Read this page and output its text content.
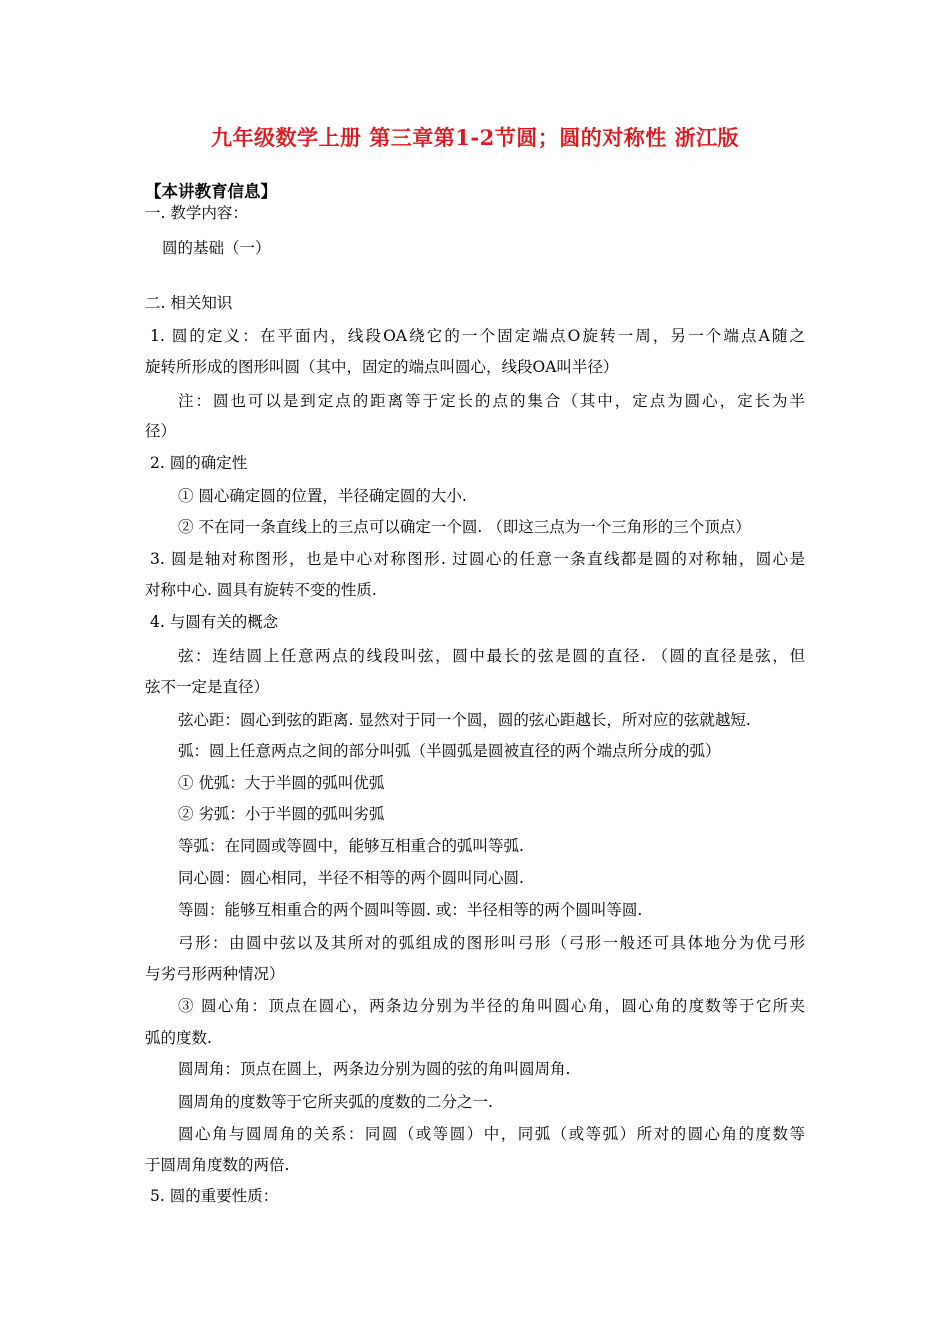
九年级数学上册 第三章第1-2节圆；圆的对称性 浙江版
【本讲教育信息】
一. 教学内容：
圆的基础（一）
二. 相关知识
1. 圆的定义：在平面内，线段OA绕它的一个固定端点O旋转一周，另一个端点A随之
旋转所形成的图形叫圆（其中，固定的端点叫圆心，线段OA叫半径）
注：圆也可以是到定点的距离等于定长的点的集合（其中，定点为圆心，定长为半
径）
2. 圆的确定性
① 圆心确定圆的位置，半径确定圆的大小.
② 不在同一条直线上的三点可以确定一个圆. （即这三点为一个三角形的三个顶点）
3. 圆是轴对称图形，也是中心对称图形. 过圆心的任意一条直线都是圆的对称轴，圆心是
对称中心. 圆具有旋转不变的性质.
4. 与圆有关的概念
弦：连结圆上任意两点的线段叫弦，圆中最长的弦是圆的直径. （圆的直径是弦，但
弦不一定是直径）
弦心距：圆心到弦的距离. 显然对于同一个圆，圆的弦心距越长，所对应的弦就越短.
弧：圆上任意两点之间的部分叫弧（半圆弧是圆被直径的两个端点所分成的弧）
① 优弧：大于半圆的弧叫优弧
② 劣弧：小于半圆的弧叫劣弧
等弧：在同圆或等圆中，能够互相重合的弧叫等弧.
同心圆：圆心相同，半径不相等的两个圆叫同心圆.
等圆：能够互相重合的两个圆叫等圆. 或：半径相等的两个圆叫等圆.
弓形：由圆中弦以及其所对的弧组成的图形叫弓形（弓形一般还可具体地分为优弓形
与劣弓形两种情况）
③ 圆心角：顶点在圆心，两条边分别为半径的角叫圆心角，圆心角的度数等于它所夹
弧的度数.
圆周角：顶点在圆上，两条边分别为圆的弦的角叫圆周角.
圆周角的度数等于它所夹弧的度数的二分之一.
圆心角与圆周角的关系：同圆（或等圆）中，同弧（或等弧）所对的圆心角的度数等
于圆周角度数的两倍.
5. 圆的重要性质：
